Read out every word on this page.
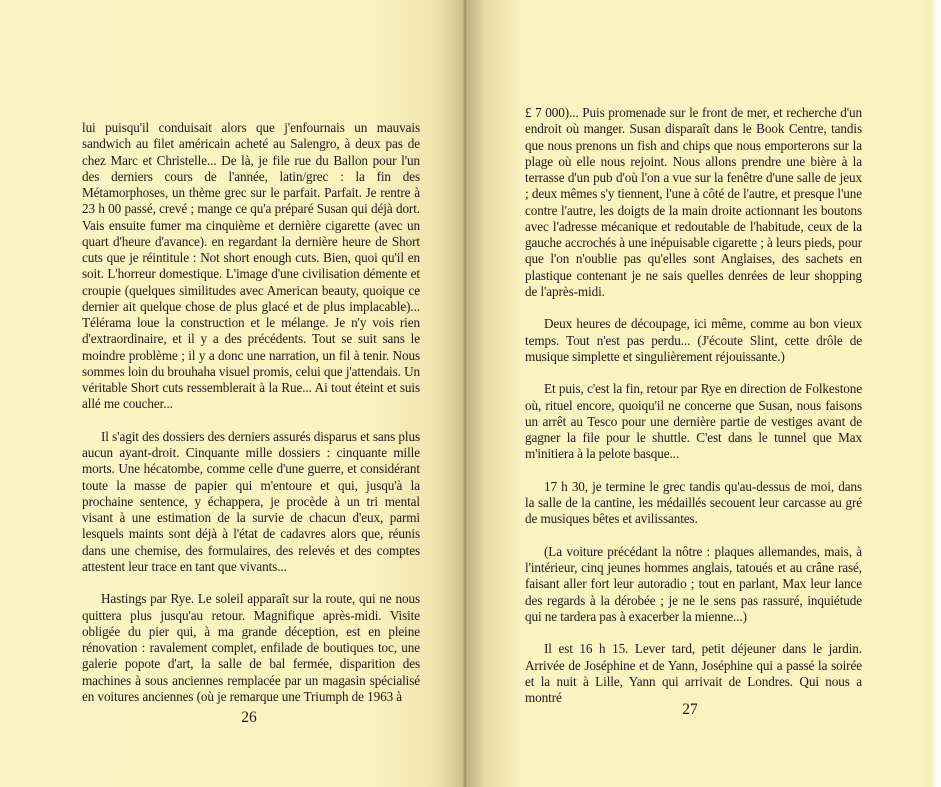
lui puisqu'il conduisait alors que j'enfournais un mauvais sandwich au filet américain acheté au Salengro, à deux pas de chez Marc et Christelle... De là, je file rue du Ballon pour l'un des derniers cours de l'année, latin/grec : la fin des Métamorphoses, un thème grec sur le parfait. Parfait. Je rentre à 23 h 00 passé, crevé ; mange ce qu'a préparé Susan qui déjà dort. Vais ensuite fumer ma cinquième et dernière cigarette (avec un quart d'heure d'avance). en regardant la dernière heure de Short cuts que je réintitule : Not short enough cuts. Bien, quoi qu'il en soit. L'horreur domestique. L'image d'une civilisation démente et croupie (quelques similitudes avec American beauty, quoique ce dernier ait quelque chose de plus glacé et de plus implacable)... Télérama loue la construction et le mélange. Je n'y vois rien d'extraordinaire, et il y a des précédents. Tout se suit sans le moindre problème ; il y a donc une narration, un fil à tenir. Nous sommes loin du brouhaha visuel promis, celui que j'attendais. Un véritable Short cuts ressemblerait à la Rue... Ai tout éteint et suis allé me coucher...

Il s'agit des dossiers des derniers assurés disparus et sans plus aucun ayant-droit. Cinquante mille dossiers : cinquante mille morts. Une hécatombe, comme celle d'une guerre, et considérant toute la masse de papier qui m'entoure et qui, jusqu'à la prochaine sentence, y échappera, je procède à un tri mental visant à une estimation de la survie de chacun d'eux, parmi lesquels maints sont déjà à l'état de cadavres alors que, réunis dans une chemise, des formulaires, des relevés et des comptes attestent leur trace en tant que vivants...

Hastings par Rye. Le soleil apparaît sur la route, qui ne nous quittera plus jusqu'au retour. Magnifique après-midi. Visite obligée du pier qui, à ma grande déception, est en pleine rénovation : ravalement complet, enfilade de boutiques toc, une galerie popote d'art, la salle de bal fermée, disparition des machines à sous anciennes remplacée par un magasin spécialisé en voitures anciennes (où je remarque une Triumph de 1963 à

26

£ 7 000)... Puis promenade sur le front de mer, et recherche d'un endroit où manger. Susan disparaît dans le Book Centre, tandis que nous prenons un fish and chips que nous emporterons sur la plage où elle nous rejoint. Nous allons prendre une bière à la terrasse d'un pub d'où l'on a vue sur la fenêtre d'une salle de jeux ; deux mêmes s'y tiennent, l'une à côté de l'autre, et presque l'une contre l'autre, les doigts de la main droite actionnant les boutons avec l'adresse mécanique et redoutable de l'habitude, ceux de la gauche accrochés à une inépuisable cigarette ; à leurs pieds, pour que l'on n'oublie pas qu'elles sont Anglaises, des sachets en plastique contenant je ne sais quelles denrées de leur shopping de l'après-midi.

Deux heures de découpage, ici même, comme au bon vieux temps. Tout n'est pas perdu... (J'écoute Slint, cette drôle de musique simplette et singulièrement réjouissante.)

Et puis, c'est la fin, retour par Rye en direction de Folkestone où, rituel encore, quoiqu'il ne concerne que Susan, nous faisons un arrêt au Tesco pour une dernière partie de vestiges avant de gagner la file pour le shuttle. C'est dans le tunnel que Max m'initiera à la pelote basque...

17 h 30, je termine le grec tandis qu'au-dessus de moi, dans la salle de la cantine, les médaillés secouent leur carcasse au gré de musiques bêtes et avilissantes.

(La voiture précédant la nôtre : plaques allemandes, mais, à l'intérieur, cinq jeunes hommes anglais, tatoués et au crâne rasé, faisant aller fort leur autoradio ; tout en parlant, Max leur lance des regards à la dérobée ; je ne le sens pas rassuré, inquiétude qui ne tardera pas à exacerber la mienne...)

Il est 16 h 15. Lever tard, petit déjeuner dans le jardin. Arrivée de Joséphine et de Yann, Joséphine qui a passé la soirée et la nuit à Lille, Yann qui arrivait de Londres. Qui nous a montré

27
